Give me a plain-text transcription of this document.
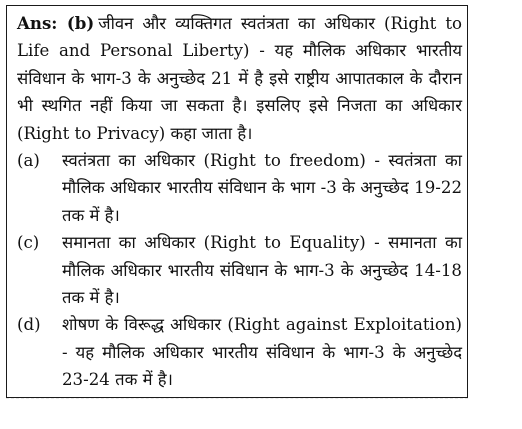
Ans: (b) जीवन और व्यक्तिगत स्वतंत्रता का अधिकार (Right to Life and Personal Liberty) - यह मौलिक अधिकार भारतीय संविधान के भाग-3 के अनुच्छेद 21 में है इसे राष्ट्रीय आपातकाल के दौरान भी स्थगित नहीं किया जा सकता है। इसलिए इसे निजता का अधिकार (Right to Privacy) कहा जाता है।

(a) स्वतंत्रता का अधिकार (Right to freedom) - स्वतंत्रता का मौलिक अधिकार भारतीय संविधान के भाग -3 के अनुच्छेद 19-22 तक में है।

(c) समानता का अधिकार (Right to Equality) - समानता का मौलिक अधिकार भारतीय संविधान के भाग-3 के अनुच्छेद 14-18 तक में है।

(d) शोषण के विरूद्ध अधिकार (Right against Exploitation) - यह मौलिक अधिकार भारतीय संविधान के भाग-3 के अनुच्छेद 23-24 तक में है।
